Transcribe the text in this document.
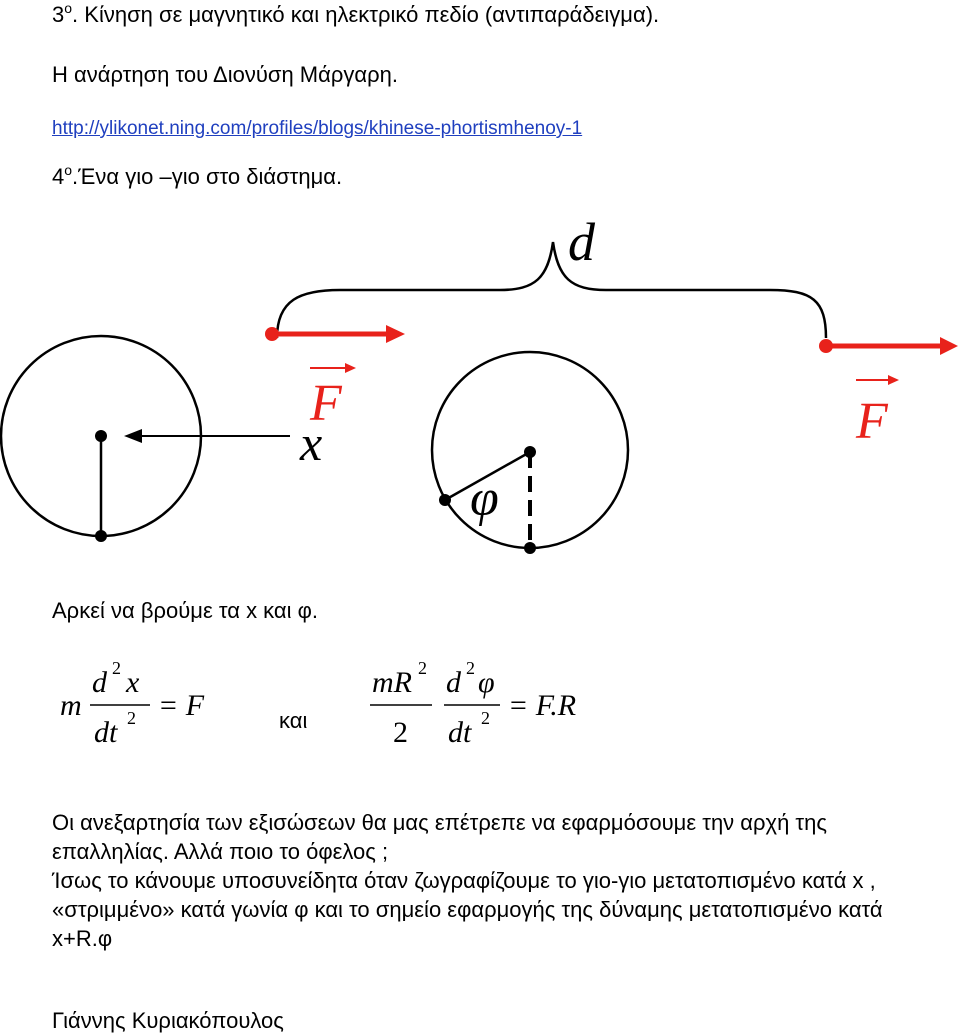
$3^o$. Κίνηση σε μαγνητικό και ηλεκτρικό πεδίο (αντιπαράδειγμα).
Η ανάρτηση του Διονύση Μάργαρη.
http://ylikonet.ning.com/profiles/blogs/khinese-phortismhenoy-1
$4^o.Έ\nu\alpha$ γιο –γιο στο διάστημα.
d
x
F
φ
F
Αρκεί να βρούμε τα x και φ.
m
d 2 x
dt 2 = F	και
mR 2
2
d 2 φ
dt 2 = F.R

Οι ανεξαρτησία των εξισώσεων θα μας επέτρεπε να εφαρμόσουμε την αρχή της επαλληλίας. Αλλά ποιο το όφελος ;

Ίσως το κάνουμε υποσυνείδητα όταν ζωγραφίζουμε το γιο-γιο μετατοπισμένο κατά x , «στριμμένο» κατά γωνία φ και το σημείο εφαρμογής της δύναμης μετατοπισμένο κατά x+R.φ

Γιάννης Κυριακόπουλος
